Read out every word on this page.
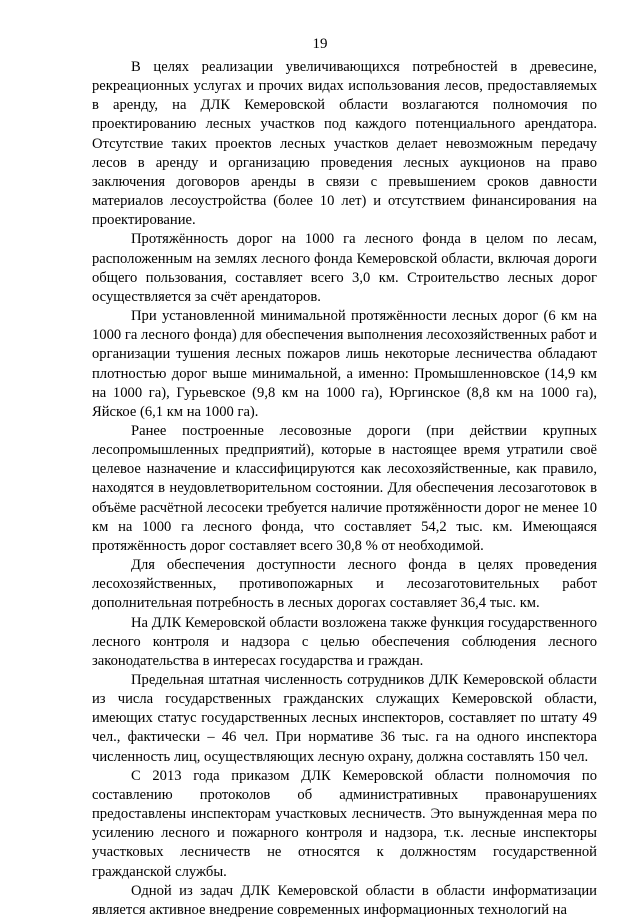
19

В целях реализации увеличивающихся потребностей в древесине, рекреационных услугах и прочих видах использования лесов, предоставляемых в аренду, на ДЛК Кемеровской области возлагаются полномочия по проектированию лесных участков под каждого потенциального арендатора. Отсутствие таких проектов лесных участков делает невозможным передачу лесов в аренду и организацию проведения лесных аукционов на право заключения договоров аренды в связи с превышением сроков давности материалов лесоустройства (более 10 лет) и отсутствием финансирования на проектирование.

Протяжённость дорог на 1000 га лесного фонда в целом по лесам, расположенным на землях лесного фонда Кемеровской области, включая дороги общего пользования, составляет всего 3,0 км. Строительство лесных дорог осуществляется за счёт арендаторов.

При установленной минимальной протяжённости лесных дорог (6 км на 1000 га лесного фонда) для обеспечения выполнения лесохозяйственных работ и организации тушения лесных пожаров лишь некоторые лесничества обладают плотностью дорог выше минимальной, а именно: Промышленновское (14,9 км на 1000 га), Гурьевское (9,8 км на 1000 га), Юргинское (8,8 км на 1000 га), Яйское (6,1 км на 1000 га).

Ранее построенные лесовозные дороги (при действии крупных лесопромышленных предприятий), которые в настоящее время утратили своё целевое назначение и классифицируются как лесохозяйственные, как правило, находятся в неудовлетворительном состоянии. Для обеспечения лесозаготовок в объёме расчётной лесосеки требуется наличие протяжённости дорог не менее 10 км на 1000 га лесного фонда, что составляет 54,2 тыс. км. Имеющаяся протяжённость дорог составляет всего 30,8 % от необходимой.

Для обеспечения доступности лесного фонда в целях проведения лесохозяйственных, противопожарных и лесозаготовительных работ дополнительная потребность в лесных дорогах составляет 36,4 тыс. км.

На ДЛК Кемеровской области возложена также функция государственного лесного контроля и надзора с целью обеспечения соблюдения лесного законодательства в интересах государства и граждан.

Предельная штатная численность сотрудников ДЛК Кемеровской области из числа государственных гражданских служащих Кемеровской области, имеющих статус государственных лесных инспекторов, составляет по штату 49 чел., фактически – 46 чел. При нормативе 36 тыс. га на одного инспектора численность лиц, осуществляющих лесную охрану, должна составлять 150 чел.

С 2013 года приказом ДЛК Кемеровской области полномочия по составлению протоколов об административных правонарушениях предоставлены инспекторам участковых лесничеств. Это вынужденная мера по усилению лесного и пожарного контроля и надзора, т.к. лесные инспекторы участковых лесничеств не относятся к должностям государственной гражданской службы.

Одной из задач ДЛК Кемеровской области в области информатизации является активное внедрение современных информационных технологий на
